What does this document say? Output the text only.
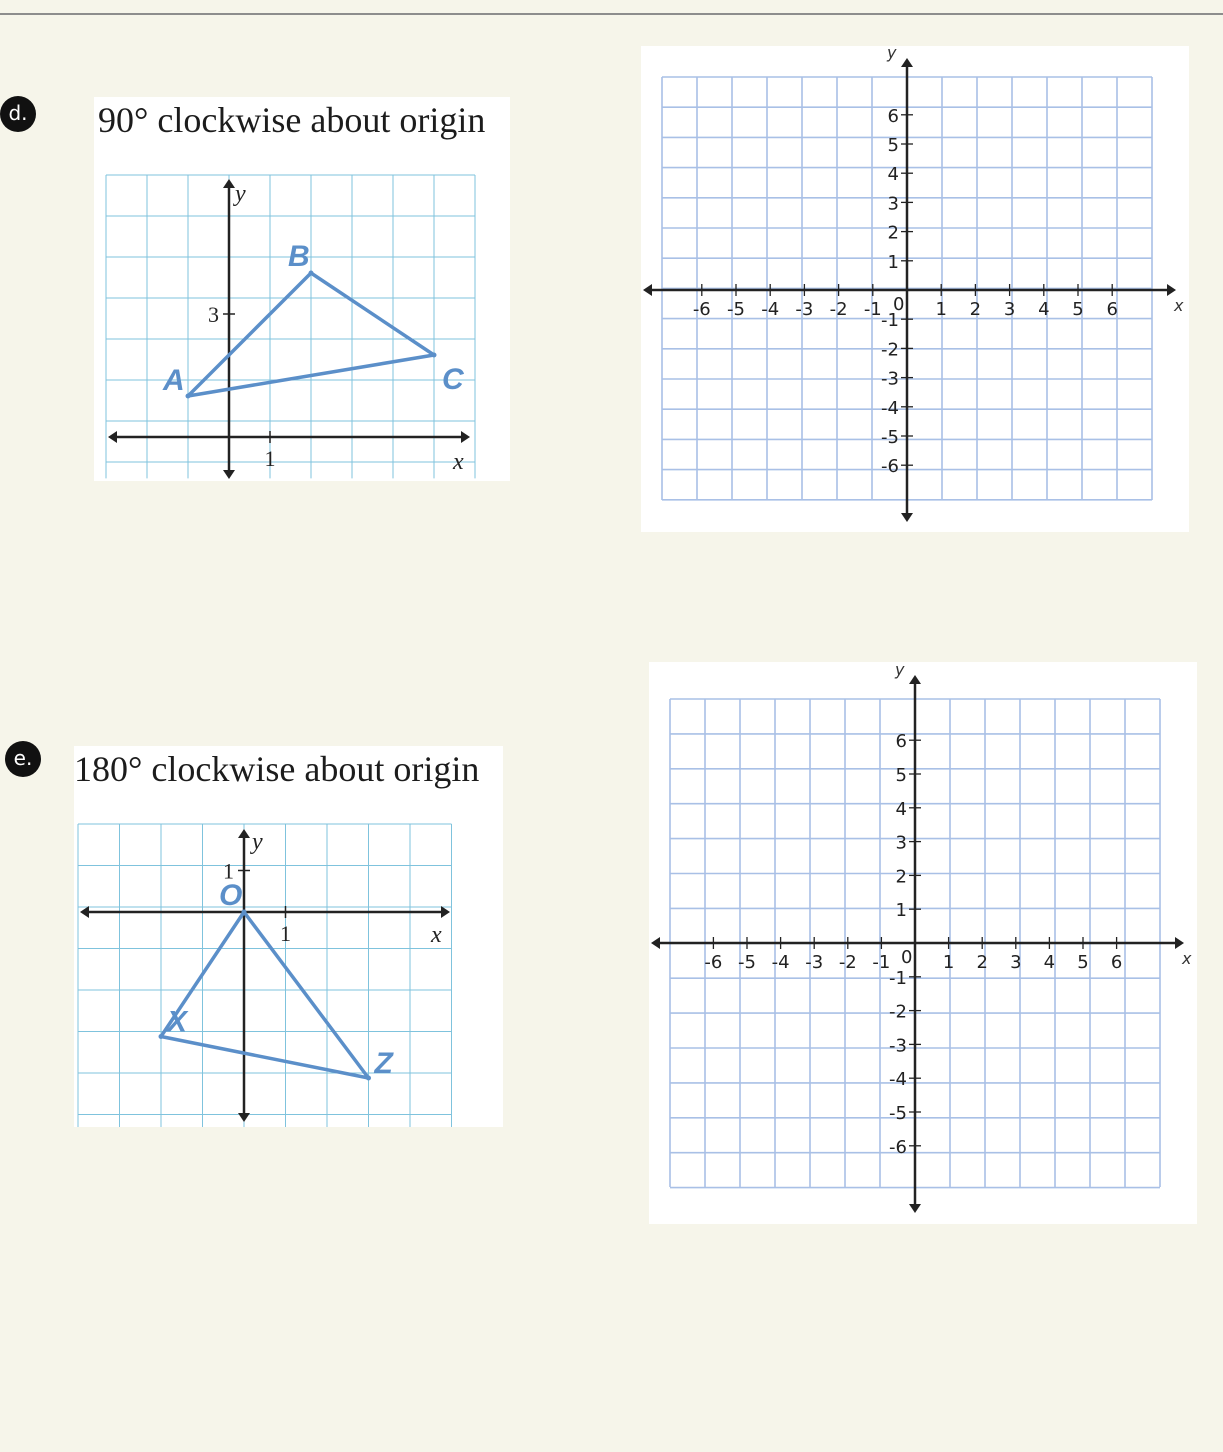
d. 90° clockwise about origin
y
x
3
1
A
B
C
y
x
0
-6 -5 -4 -3 -2 -1	1 2 3 4 5 6
6
5
4
3
2
1
-1
-2
-3
-4
-5
-6
e. 180° clockwise about origin
y
x
1
1
O
X
Z
y
x
0
-6 -5 -4 -3 -2 -1	1 2 3 4 5 6
6
5
4
3
2
1
-1
-2
-3
-4
-5
-6
